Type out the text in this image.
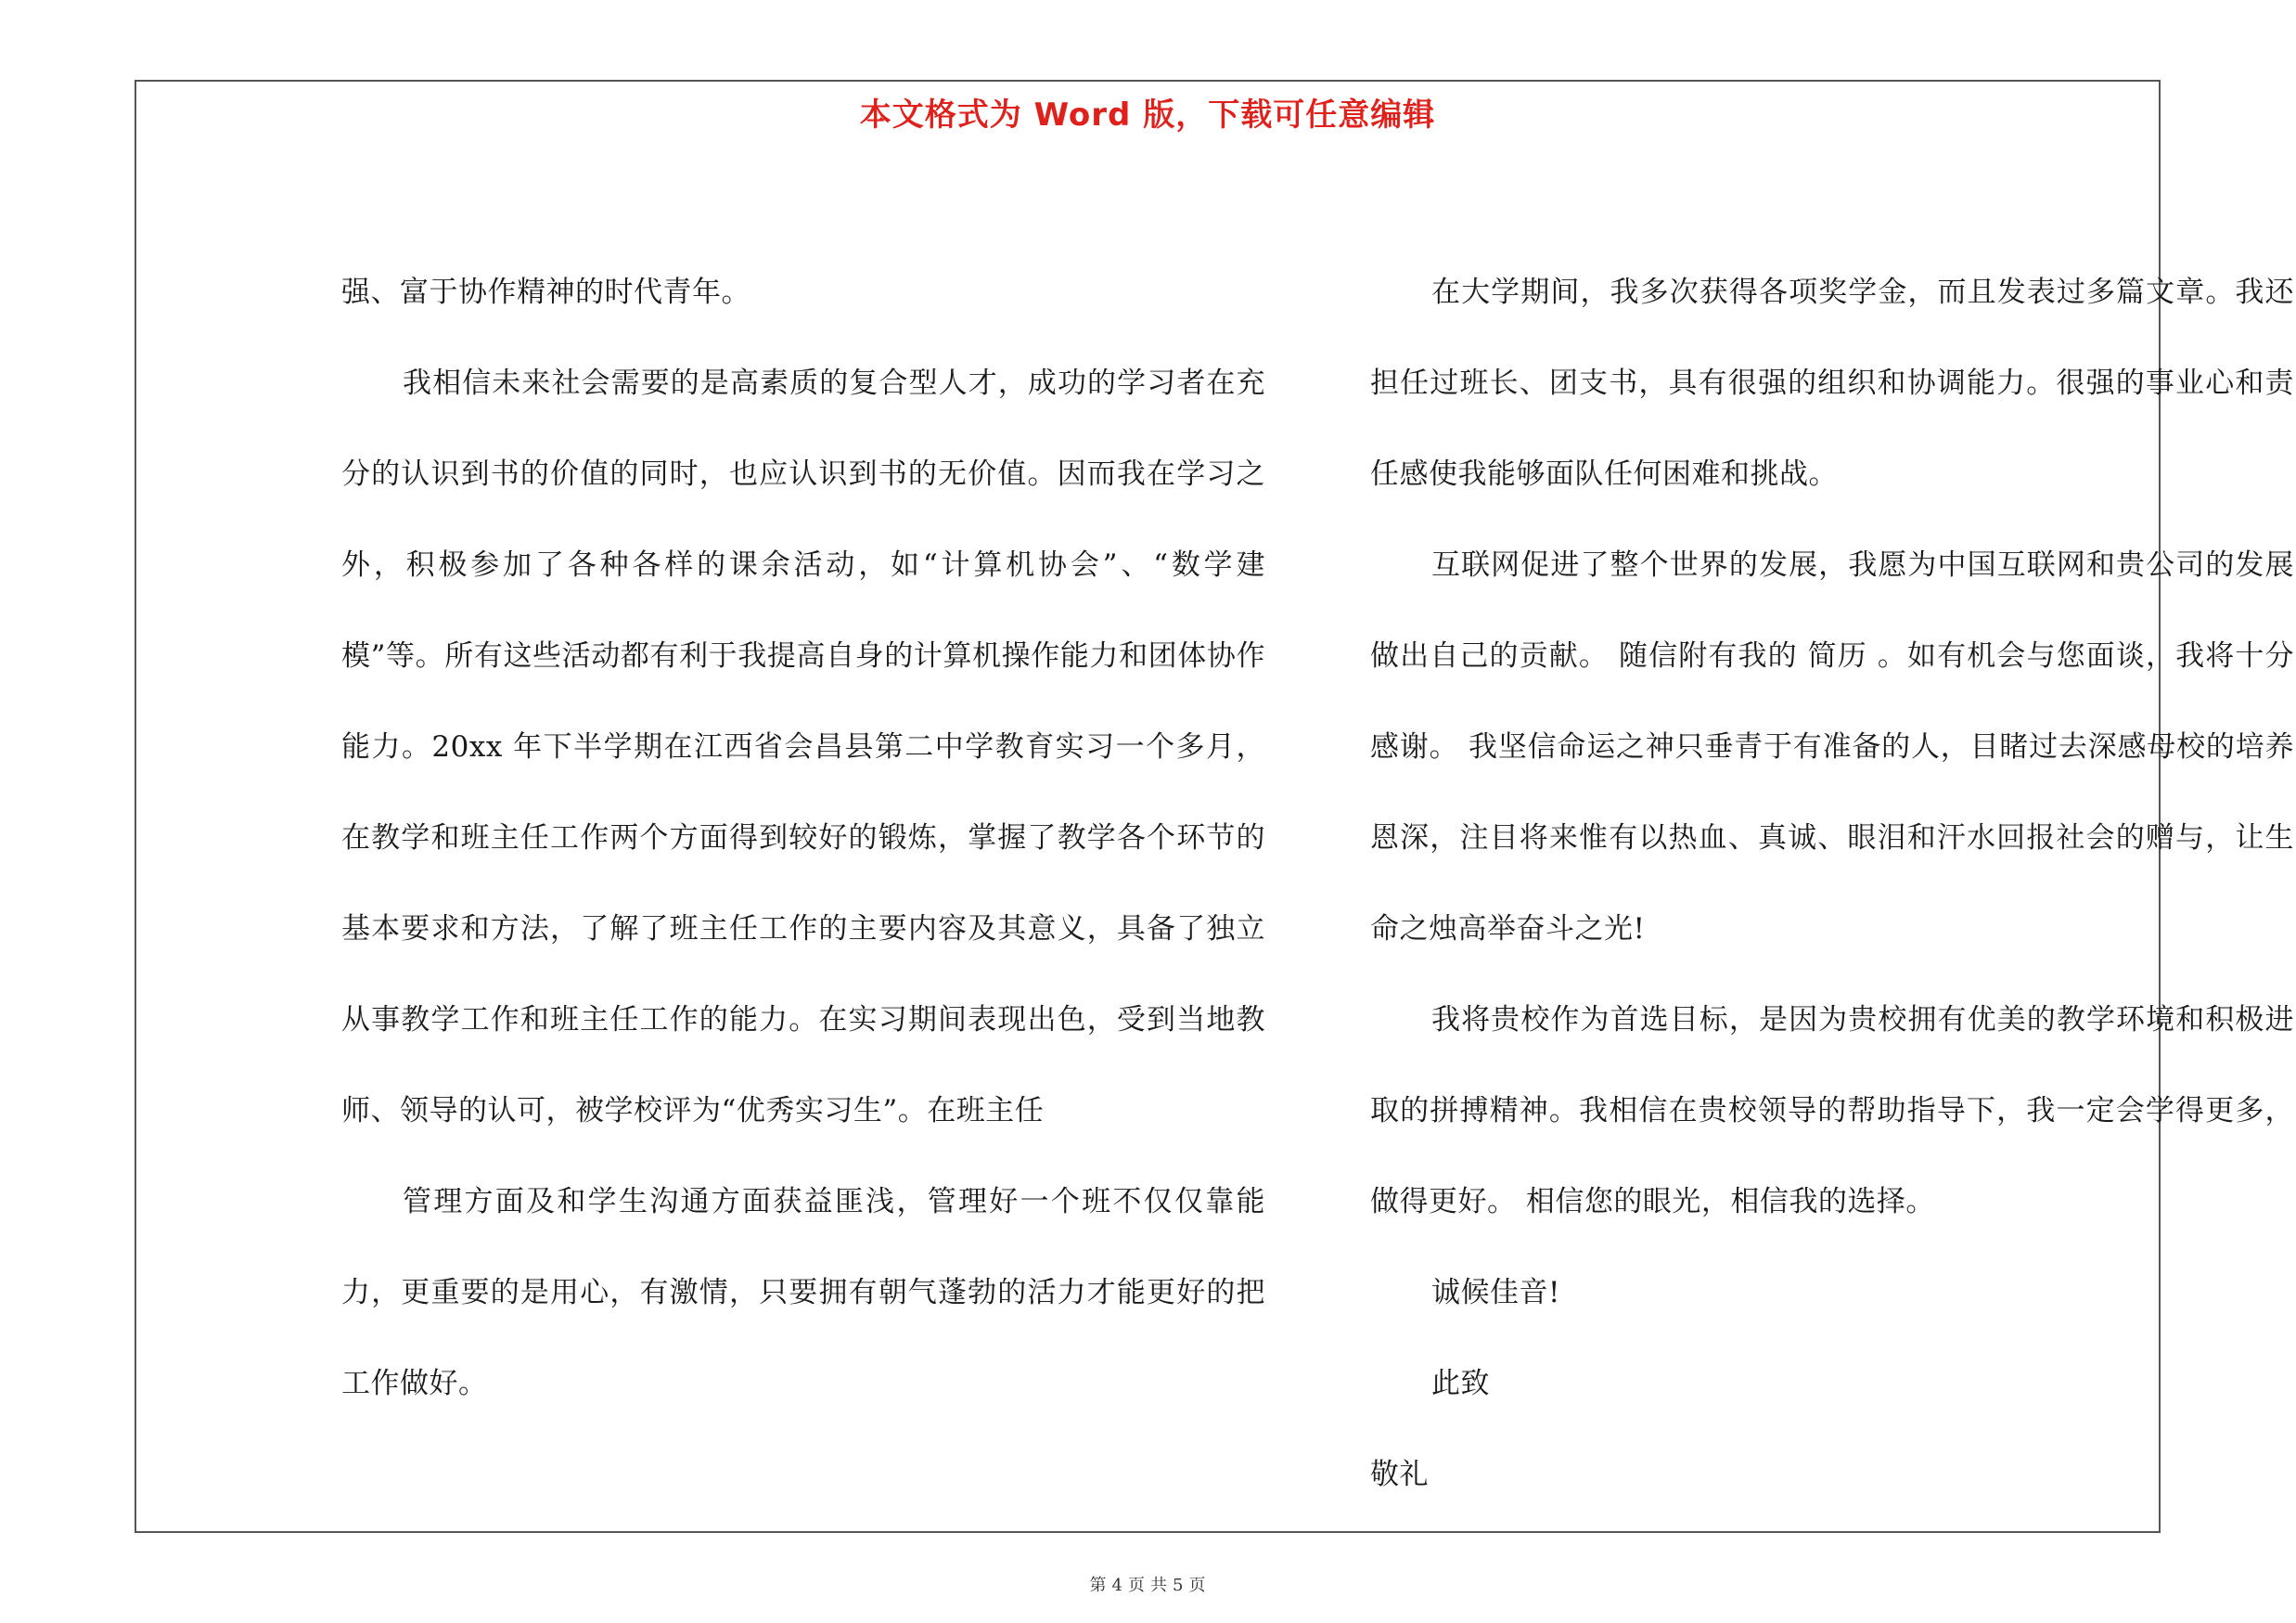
本文格式为 Word 版，下载可任意编辑

强、富于协作精神的时代青年。

我相信未来社会需要的是高素质的复合型人才，成功的学习者在充分的认识到书的价值的同时，也应认识到书的无价值。因而我在学习之外，积极参加了各种各样的课余活动，如“计算机协会”、“数学建模”等。所有这些活动都有利于我提高自身的计算机操作能力和团体协作能力。20xx 年下半学期在江西省会昌县第二中学教育实习一个多月，在教学和班主任工作两个方面得到较好的锻炼，掌握了教学各个环节的基本要求和方法，了解了班主任工作的主要内容及其意义，具备了独立从事教学工作和班主任工作的能力。在实习期间表现出色，受到当地教师、领导的认可，被学校评为“优秀实习生”。在班主任

管理方面及和学生沟通方面获益匪浅，管理好一个班不仅仅靠能力，更重要的是用心，有激情，只要拥有朝气蓬勃的活力才能更好的把工作做好。

在大学期间，我多次获得各项奖学金，而且发表过多篇文章。我还担任过班长、团支书，具有很强的组织和协调能力。很强的事业心和责任感使我能够面队任何困难和挑战。

互联网促进了整个世界的发展，我愿为中国互联网和贵公司的发展做出自己的贡献。 随信附有我的 简历 。如有机会与您面谈，我将十分感谢。 我坚信命运之神只垂青于有准备的人，目睹过去深感母校的培养恩深，注目将来惟有以热血、真诚、眼泪和汗水回报社会的赠与，让生命之烛高举奋斗之光!

我将贵校作为首选目标，是因为贵校拥有优美的教学环境和积极进取的拼搏精神。我相信在贵校领导的帮助指导下，我一定会学得更多，做得更好。 相信您的眼光，相信我的选择。

诚候佳音!

此致

敬礼

第 4 页 共 5 页
